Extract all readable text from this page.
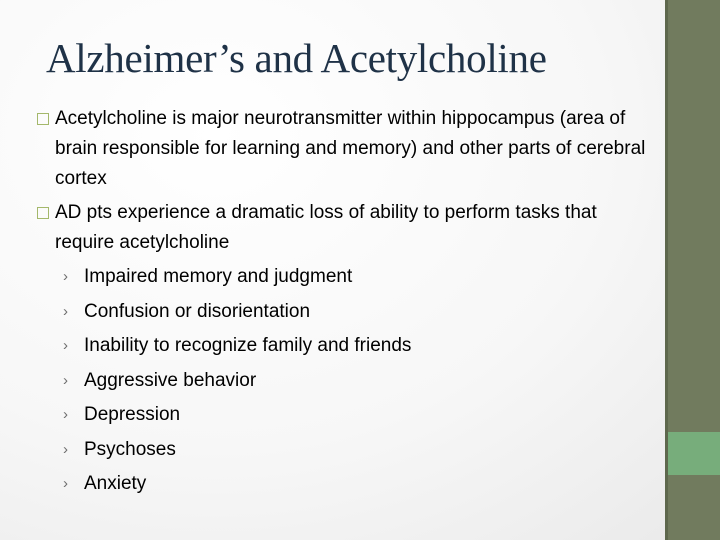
Alzheimer’s and Acetylcholine
Acetylcholine is major neurotransmitter within hippocampus (area of brain responsible for learning and memory) and other parts of cerebral cortex
AD pts experience a dramatic loss of ability to perform tasks that require acetylcholine
› Impaired memory and judgment
› Confusion or disorientation
› Inability to recognize family and friends
› Aggressive behavior
› Depression
› Psychoses
› Anxiety
